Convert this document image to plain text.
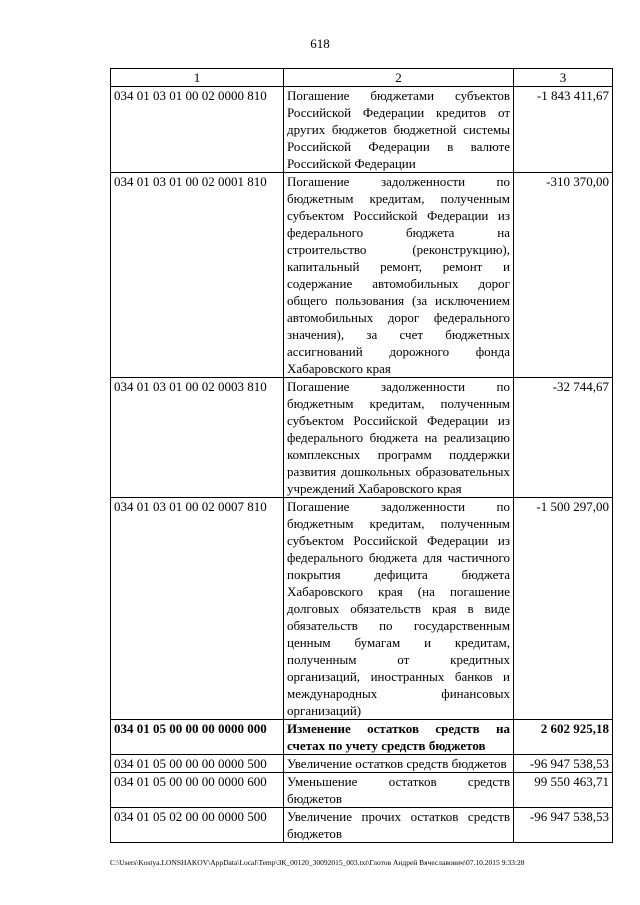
618
1	2	3
034 01 03 01 00 02 0000 810	Погашение бюджетами субъектов Российской Федерации кредитов от других бюджетов бюджетной системы Российской Федерации в валюте Российской Федерации	-1 843 411,67
034 01 03 01 00 02 0001 810	Погашение задолженности по бюджетным кредитам, полученным субъектом Российской Федерации из федерального бюджета на строительство (реконструкцию), капитальный ремонт, ремонт и содержание автомобильных дорог общего пользования (за исключением автомобильных дорог федерального значения), за счет бюджетных ассигнований дорожного фонда Хабаровского края	-310 370,00
034 01 03 01 00 02 0003 810	Погашение задолженности по бюджетным кредитам, полученным субъектом Российской Федерации из федерального бюджета на реализацию комплексных программ поддержки развития дошкольных образовательных учреждений Хабаровского края	-32 744,67
034 01 03 01 00 02 0007 810	Погашение задолженности по бюджетным кредитам, полученным субъектом Российской Федерации из федерального бюджета для частичного покрытия дефицита бюджета Хабаровского края (на погашение долговых обязательств края в виде обязательств по государственным ценным бумагам и кредитам, полученным от кредитных организаций, иностранных банков и международных финансовых организаций)	-1 500 297,00
034 01 05 00 00 00 0000 000	Изменение остатков средств на счетах по учету средств бюджетов	2 602 925,18
034 01 05 00 00 00 0000 500	Увеличение остатков средств бюджетов	-96 947 538,53
034 01 05 00 00 00 0000 600	Уменьшение остатков средств бюджетов	99 550 463,71
034 01 05 02 00 00 0000 500	Увеличение прочих остатков средств бюджетов	-96 947 538,53
C:\Users\Kostya.LONSHAKOV\AppData\Local\Temp\ЗК_00120_30092015_003.txt\Глотов Андрей Вячеславович\07.10.2015 9:33:28
